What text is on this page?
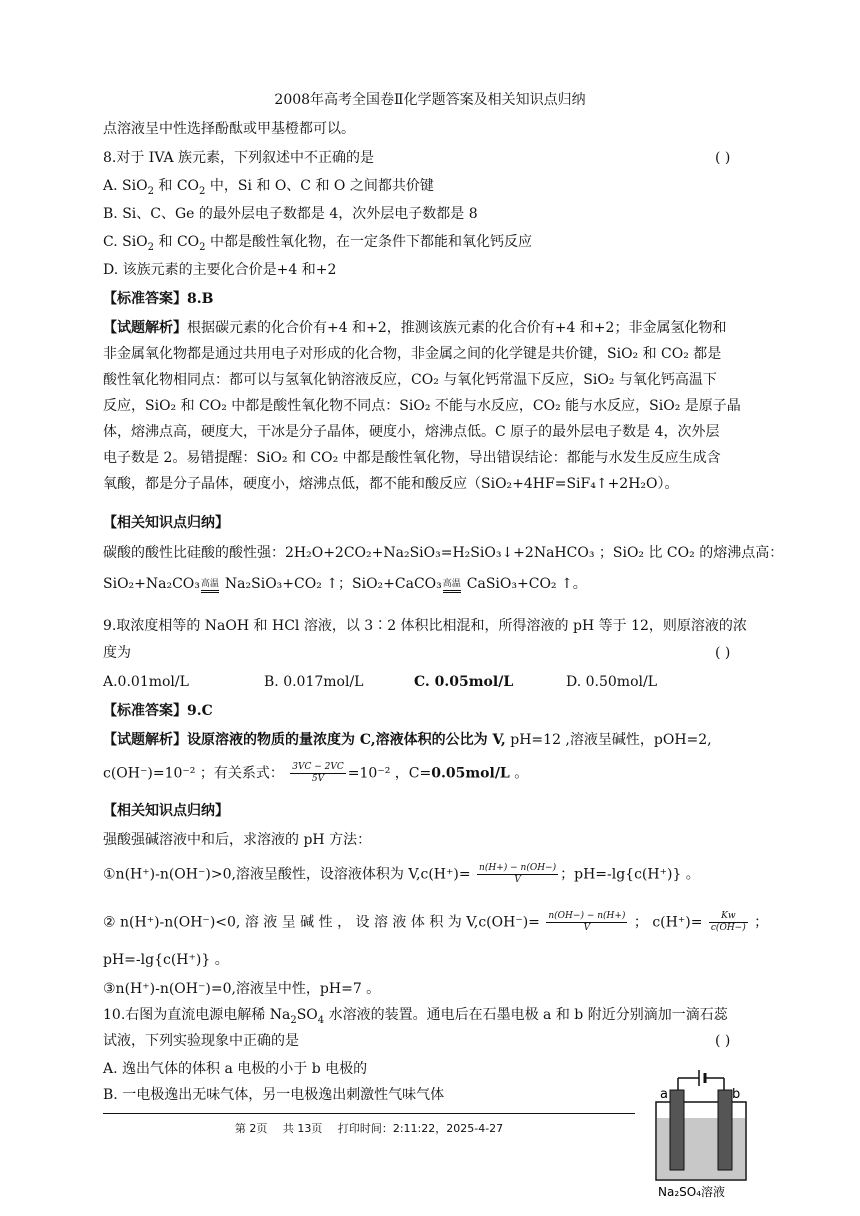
2008年高考全国卷Ⅱ化学题答案及相关知识点归纳
点溶液呈中性选择酚酞或甲基橙都可以。
8.对于 IVA 族元素，下列叙述中不正确的是	( )
A. SiO$_2$ 和 $CO_2$ 中，Si 和 O、C 和 O 之间都共价键
B. Si、C、Ge 的最外层电子数都是 4，次外层电子数都是 8
C. SiO$_2$ 和 $CO_2$ 中都是酸性氧化物，在一定条件下都能和氧化钙反应
D. 该族元素的主要化合价是+4 和+2
【标准答案】8.B
【试题解析】根据碳元素的化合价有+4 和+2，推测该族元素的化合价有+4 和+2；非金属氢化物和
非金属氧化物都是通过共用电子对形成的化合物，非金属之间的化学键是共价键，SiO₂ 和 CO₂ 都是
酸性氧化物相同点：都可以与氢氧化钠溶液反应，CO₂ 与氧化钙常温下反应，SiO₂ 与氧化钙高温下
反应，SiO₂ 和 CO₂ 中都是酸性氧化物不同点：SiO₂ 不能与水反应，CO₂ 能与水反应，SiO₂ 是原子晶
体，熔沸点高，硬度大，干冰是分子晶体，硬度小，熔沸点低。C 原子的最外层电子数是 4，次外层
电子数是 2。易错提醒：SiO₂ 和 CO₂ 中都是酸性氧化物，导出错误结论：都能与水发生反应生成含
氧酸，都是分子晶体，硬度小，熔沸点低，都不能和酸反应（SiO₂+4HF=SiF₄↑+2H₂O）。
【相关知识点归纳】
碳酸的酸性比硅酸的酸性强：2H₂O+2CO₂+Na₂SiO₃=H₂SiO₃↓+2NaHCO₃ ；SiO₂ 比 CO₂ 的熔沸点高：
SiO₂+Na₂CO₃高温 Na₂SiO₃+CO₂ ↑；SiO₂+CaCO₃高温 CaSiO₃+CO₂ ↑。
9.取浓度相等的 NaOH 和 HCl 溶液，以 3∶2 体积比相混和，所得溶液的 pH 等于 12，则原溶液的浓
度为	( )
A.0.01mol/L	B. 0.017mol/L	C. 0.05mol/L	D. 0.50mol/L
【标准答案】9.C
【试题解析】设原溶液的物质的量浓度为 C,溶液体积的公比为 V, pH=12 ,溶液呈碱性，pOH=2,
c(OH⁻)=10⁻² ；有关系式： $\frac{3VC - 2VC}{5V} =10^{-2}$ ，C=0.05mol/L 。
【相关知识点归纳】
强酸强碱溶液中和后，求溶液的 pH 方法：
①n(H⁺)-n(OH⁻)>0,溶液呈酸性，设溶液体积为 $V,c(H^+)= \frac{n(H+) - n(OH-)}{V}$ ；pH=-lg{c(H⁺)} 。
② n(H⁺)-n(OH⁻)<0, 溶 液 呈 碱 性 ， 设 溶 液 体 积 为 $V,c(OH^-)= \frac{n(OH-) - n(H+)}{V}$ ； $c(H^+)= \frac{Kw}{c(OH-)}$ ；
pH=-lg{c(H⁺)} 。
③n(H⁺)-n(OH⁻)=0,溶液呈中性，pH=7 。
10.右图为直流电源电解稀 $Na_2SO_4$ 水溶液的装置。通电后在石墨电极 a 和 b 附近分别滴加一滴石蕊
试液，下列实验现象中正确的是	( )
A. 逸出气体的体积 a 电极的小于 b 电极的
B. 一电极逸出无味气体，另一电极逸出刺激性气味气体	a	b
Na₂SO₄溶液
第 2页 共 13页 打印时间：2:11:22，2025-4-27
